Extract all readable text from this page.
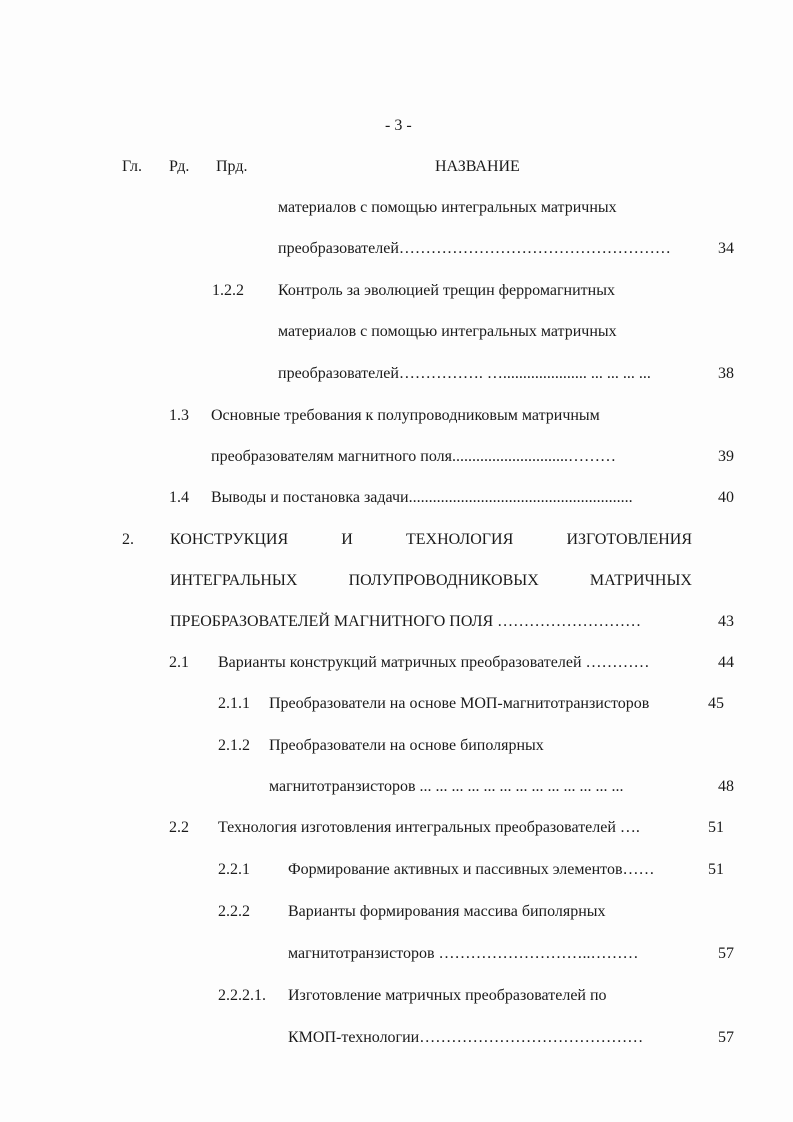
- 3 -
Гл. Рд. Прд.	НАЗВАНИЕ
материалов с помощью интегральных матричных
преобразователей……………………………………………	34
1.2.2 Контроль за эволюцией трещин ферромагнитных
материалов с помощью интегральных матричных
преобразователей……………. …..................... ... ... ... ...	38
1.3 Основные требования к полупроводниковым матричным
преобразователям магнитного поля.............................………	39
1.4 Выводы и постановка задачи........................................................	40
2. КОНСТРУКЦИЯ	И	ТЕХНОЛОГИЯ	ИЗГОТОВЛЕНИЯ
ИНТЕГРАЛЬНЫХ	ПОЛУПРОВОДНИКОВЫХ	МАТРИЧНЫХ
ПРЕОБРАЗОВАТЕЛЕЙ МАГНИТНОГО ПОЛЯ ………………………	43
2.1 Варианты конструкций матричных преобразователей …………	44
2.1.1 Преобразователи на основе МОП-магнитотранзисторов	45
2.1.2 Преобразователи на основе биполярных
магнитотранзисторов ... ... ... ... ... ... ... ... ... ... ... ... ...	48
2.2 Технология изготовления интегральных преобразователей ….	51
2.2.1 Формирование активных и пассивных элементов……	51
2.2.2 Варианты формирования массива биполярных
магнитотранзисторов ………………………..………	57
2.2.2.1. Изготовление матричных преобразователей по
КМОП-технологии……………………………………	57
